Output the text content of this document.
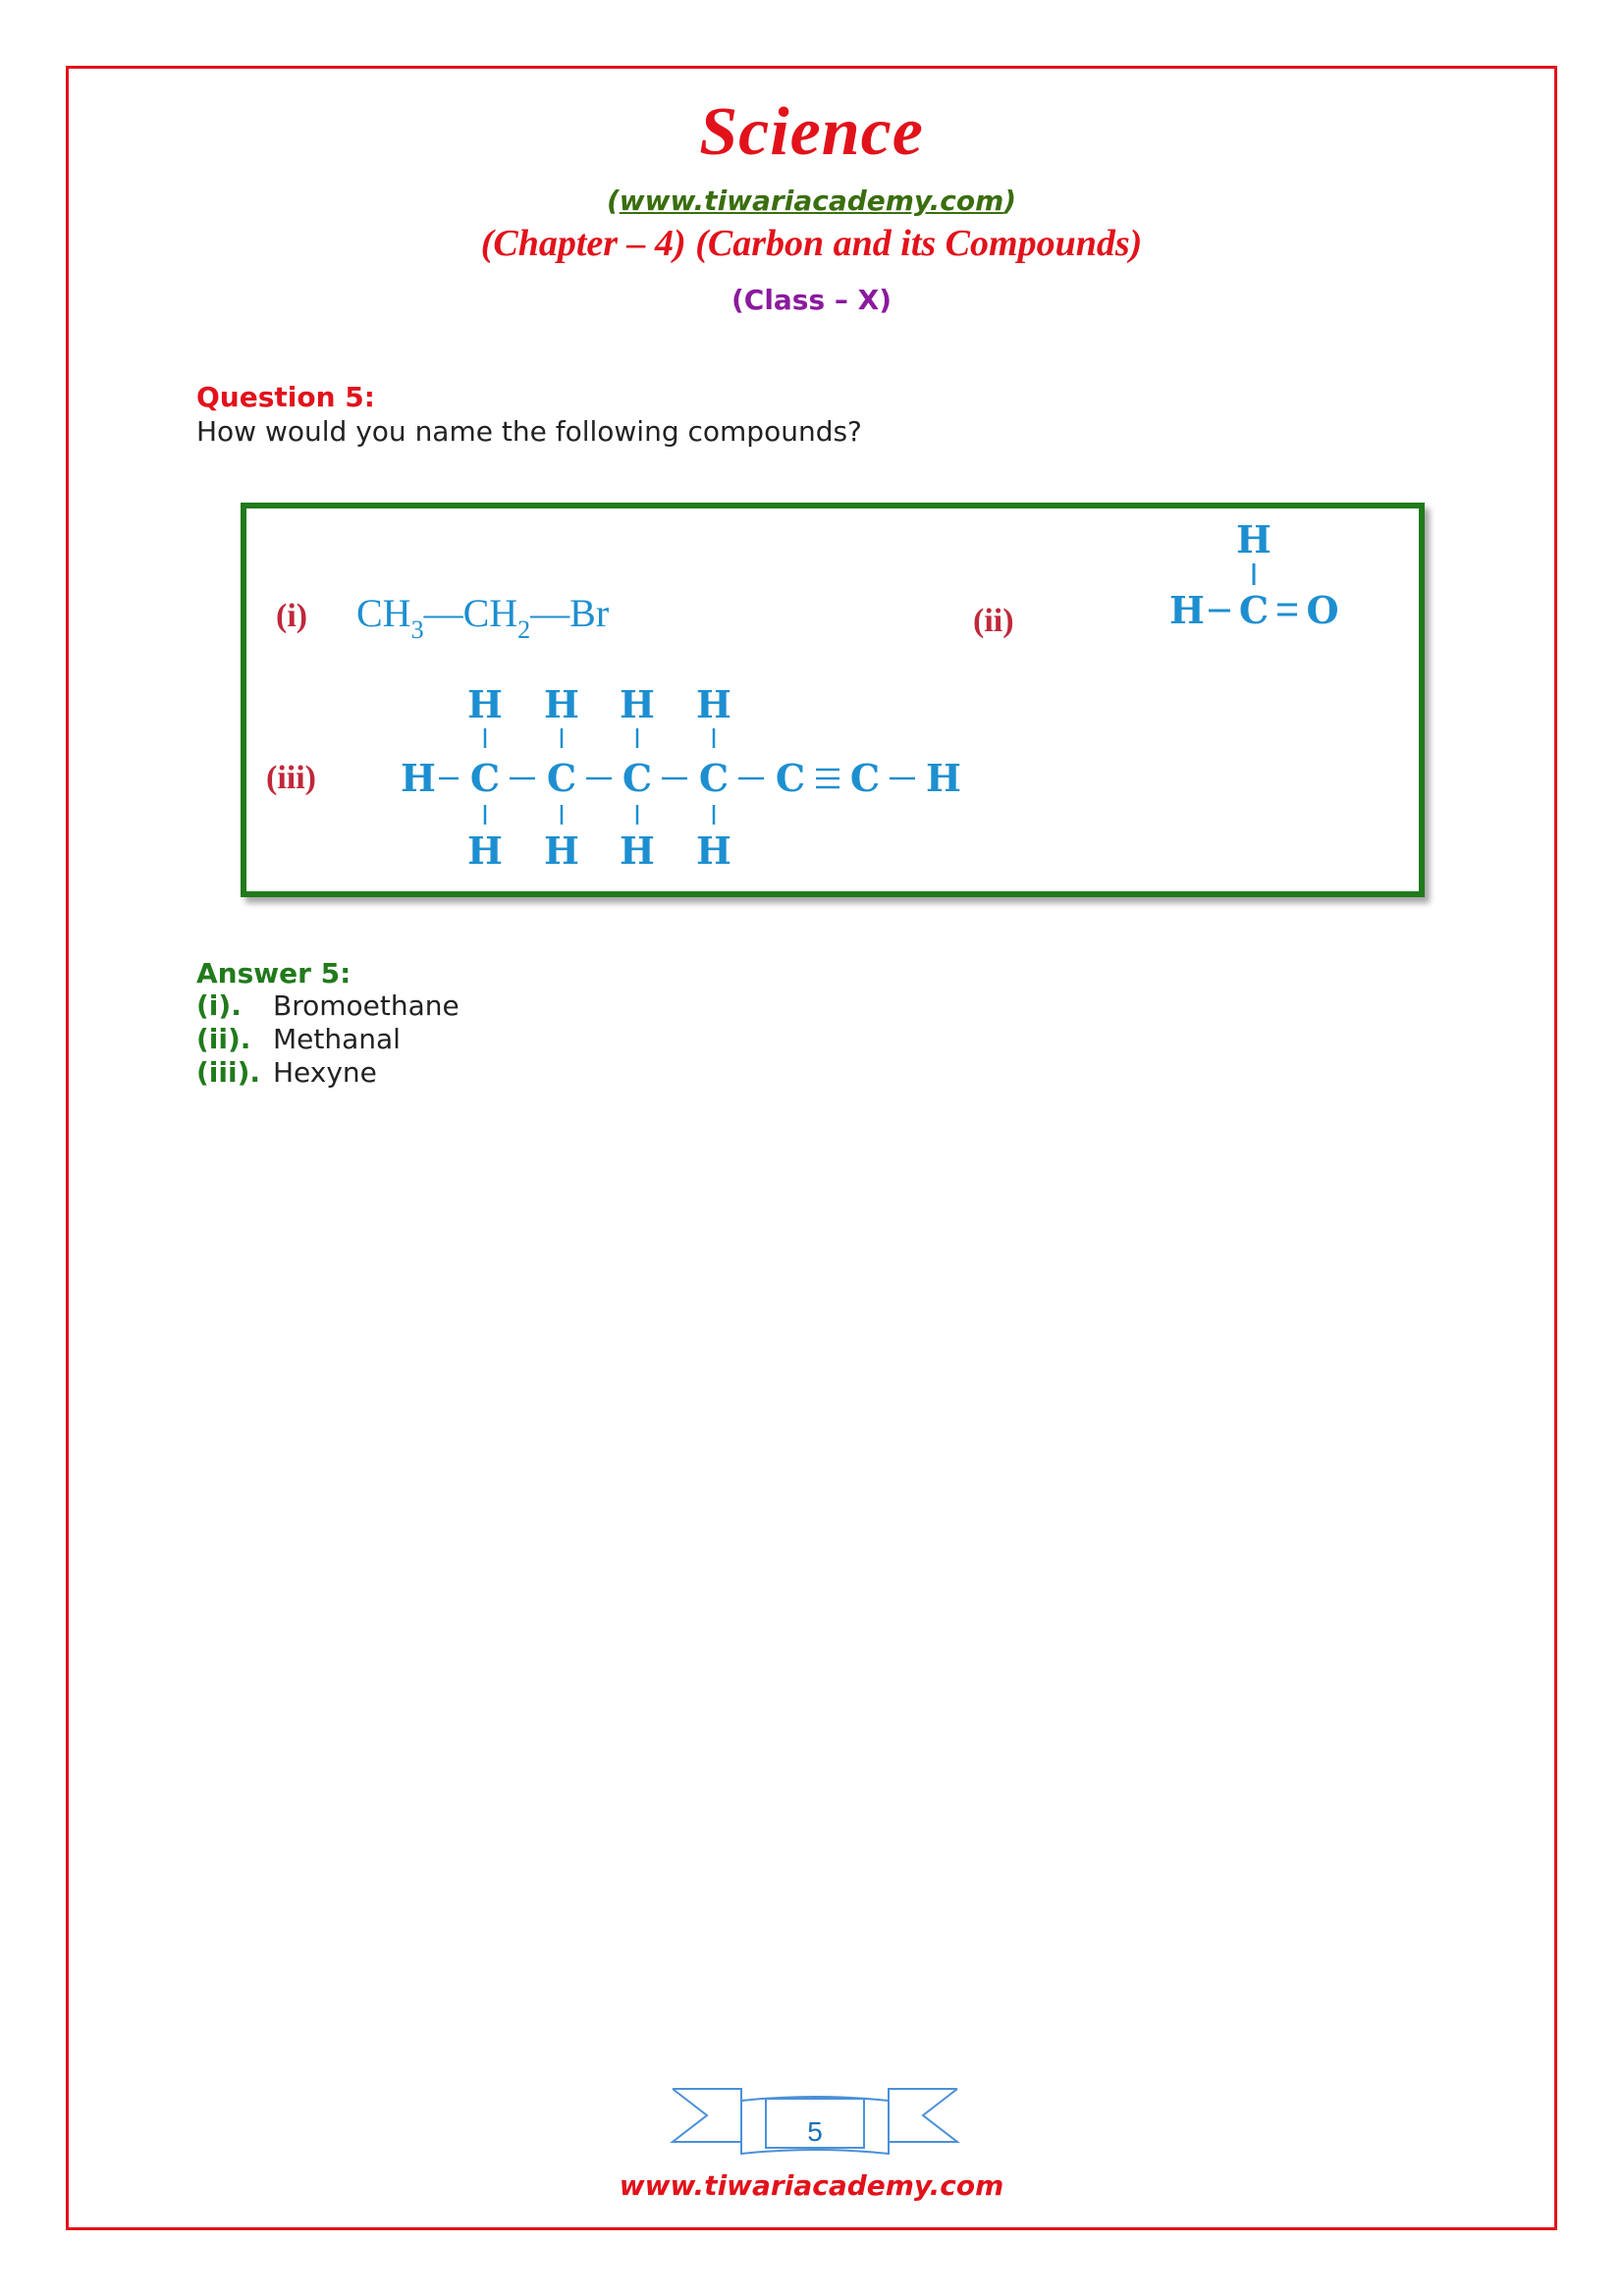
Science
(www.tiwariacademy.com)
(Chapter – 4) (Carbon and its Compounds)
(Class – X)
Question 5:
How would you name the following compounds?
(i) $CH_3—CH_2—Br$	(ii)
H
H C O
(iii)
H H H H
H C C C C C C H
H H H H
Answer 5:
(i). Bromoethane
(ii). Methanal
(iii). Hexyne
5
www.tiwariacademy.com
